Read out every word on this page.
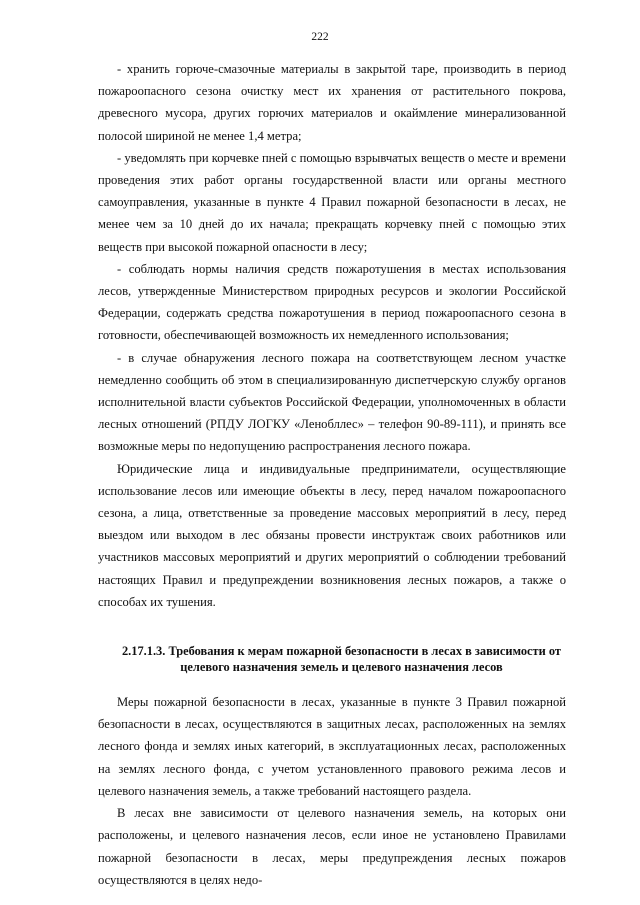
222

- хранить горюче-смазочные материалы в закрытой таре, производить в период пожароопасного сезона очистку мест их хранения от растительного покрова, древесного мусора, других горючих материалов и окаймление минерализованной полосой шириной не менее 1,4 метра;

- уведомлять при корчевке пней с помощью взрывчатых веществ о месте и времени проведения этих работ органы государственной власти или органы местного самоуправления, указанные в пункте 4 Правил пожарной безопасности в лесах, не менее чем за 10 дней до их начала; прекращать корчевку пней с помощью этих веществ при высокой пожарной опасности в лесу;

- соблюдать нормы наличия средств пожаротушения в местах использования лесов, утвержденные Министерством природных ресурсов и экологии Российской Федерации, содержать средства пожаротушения в период пожароопасного сезона в готовности, обеспечивающей возможность их немедленного использования;

- в случае обнаружения лесного пожара на соответствующем лесном участке немедленно сообщить об этом в специализированную диспетчерскую службу органов исполнительной власти субъектов Российской Федерации, уполномоченных в области лесных отношений (РПДУ ЛОГКУ «Ленобллес» – телефон 90-89-111), и принять все возможные меры по недопущению распространения лесного пожара.

Юридические лица и индивидуальные предприниматели, осуществляющие использование лесов или имеющие объекты в лесу, перед началом пожароопасного сезона, а лица, ответственные за проведение массовых мероприятий в лесу, перед выездом или выходом в лес обязаны провести инструктаж своих работников или участников массовых мероприятий и других мероприятий о соблюдении требований настоящих Правил и предупреждении возникновения лесных пожаров, а также о способах их тушения.

2.17.1.3. Требования к мерам пожарной безопасности в лесах в зависимости от

целевого назначения земель и целевого назначения лесов

Меры пожарной безопасности в лесах, указанные в пункте 3 Правил пожарной безопасности в лесах, осуществляются в защитных лесах, расположенных на землях лесного фонда и землях иных категорий, в эксплуатационных лесах, расположенных на землях лесного фонда, с учетом установленного правового режима лесов и целевого назначения земель, а также требований настоящего раздела.

В лесах вне зависимости от целевого назначения земель, на которых они расположены, и целевого назначения лесов, если иное не установлено Правилами пожарной безопасности в лесах, меры предупреждения лесных пожаров осуществляются в целях недо-
